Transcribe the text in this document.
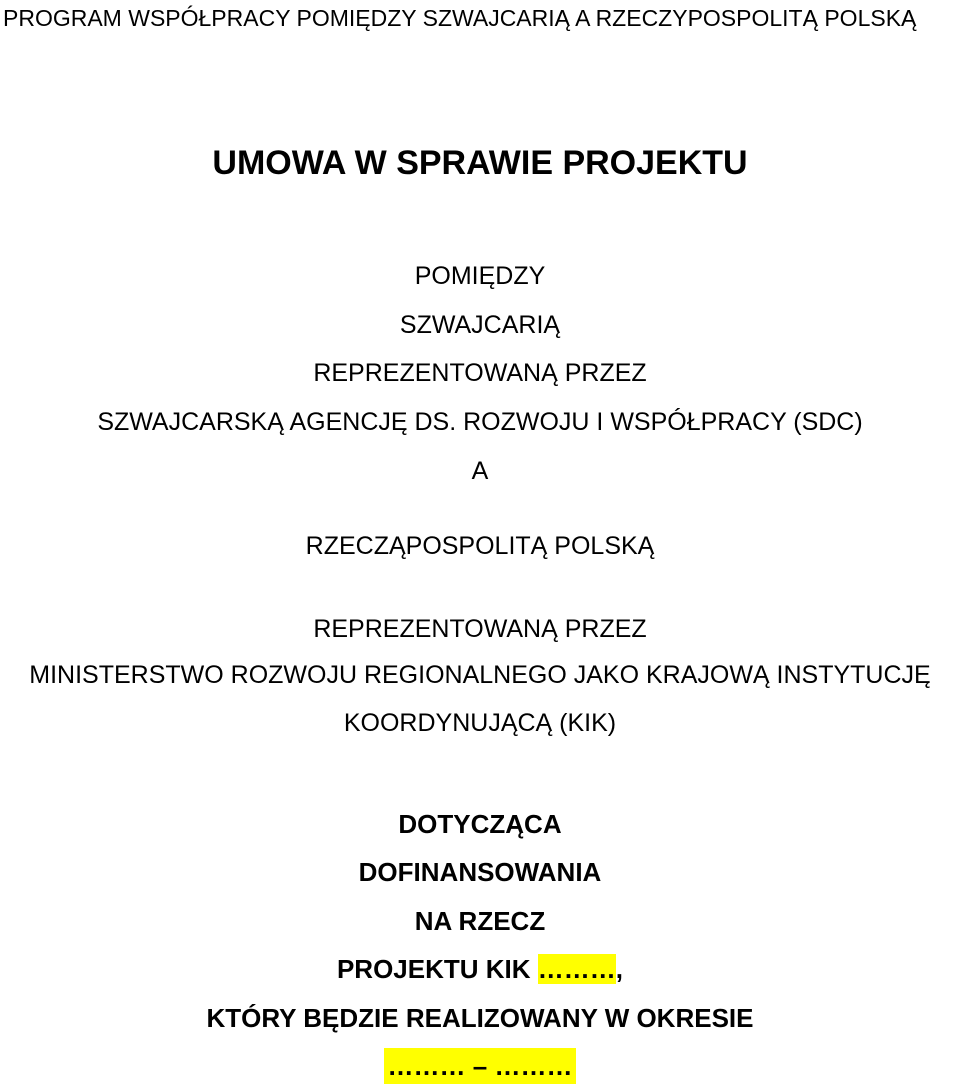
PROGRAM WSPÓŁPRACY POMIĘDZY SZWAJCARIĄ A RZECZYPOSPOLITĄ POLSKĄ
UMOWA W SPRAWIE PROJEKTU
POMIĘDZY
SZWAJCARIĄ
REPREZENTOWANĄ PRZEZ
SZWAJCARSKĄ AGENCJĘ DS. ROZWOJU I WSPÓŁPRACY (SDC)
A
RZECZĄPOSPOLITĄ POLSKĄ
REPREZENTOWANĄ PRZEZ
MINISTERSTWO ROZWOJU REGIONALNEGO JAKO KRAJOWĄ INSTYTUCJĘ
KOORDYNUJĄCĄ (KIK)
DOTYCZĄCA
DOFINANSOWANIA
NA RZECZ
PROJEKTU KIK ………,
KTÓRY BĘDZIE REALIZOWANY W OKRESIE
……… – ………
